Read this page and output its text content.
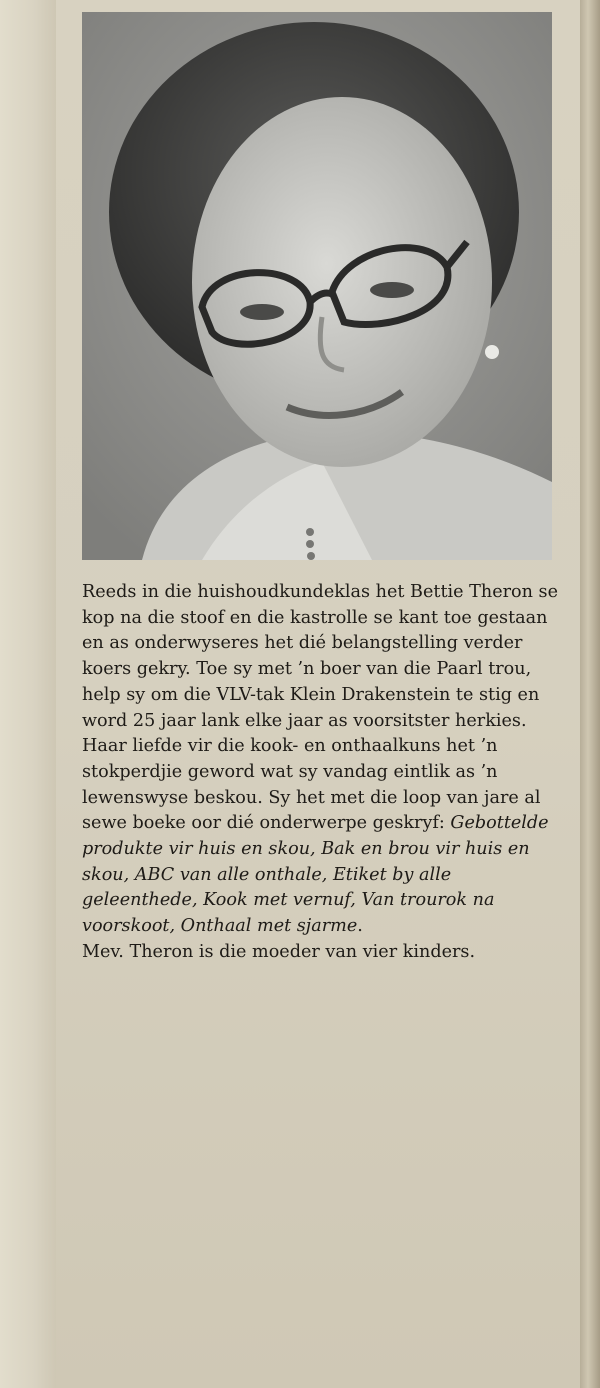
Reeds in die huishoudkundeklas het Bettie Theron se kop na die stoof en die kastrolle se kant toe gestaan en as onderwyseres het dié belangstelling verder koers gekry. Toe sy met ’n boer van die Paarl trou, help sy om die VLV-tak Klein Drakenstein te stig en word 25 jaar lank elke jaar as voorsitster herkies.

Haar liefde vir die kook- en onthaalkuns het ’n stokperdjie geword wat sy vandag eintlik as ’n lewenswyse beskou. Sy het met die loop van jare al sewe boeke oor dié onderwerpe geskryf: Gebottelde produkte vir huis en skou, Bak en brou vir huis en skou, ABC van alle onthale, Etiket by alle geleenthede, Kook met vernuf, Van trourok na voorskoot, Onthaal met sjarme.

Mev. Theron is die moeder van vier kinders.
